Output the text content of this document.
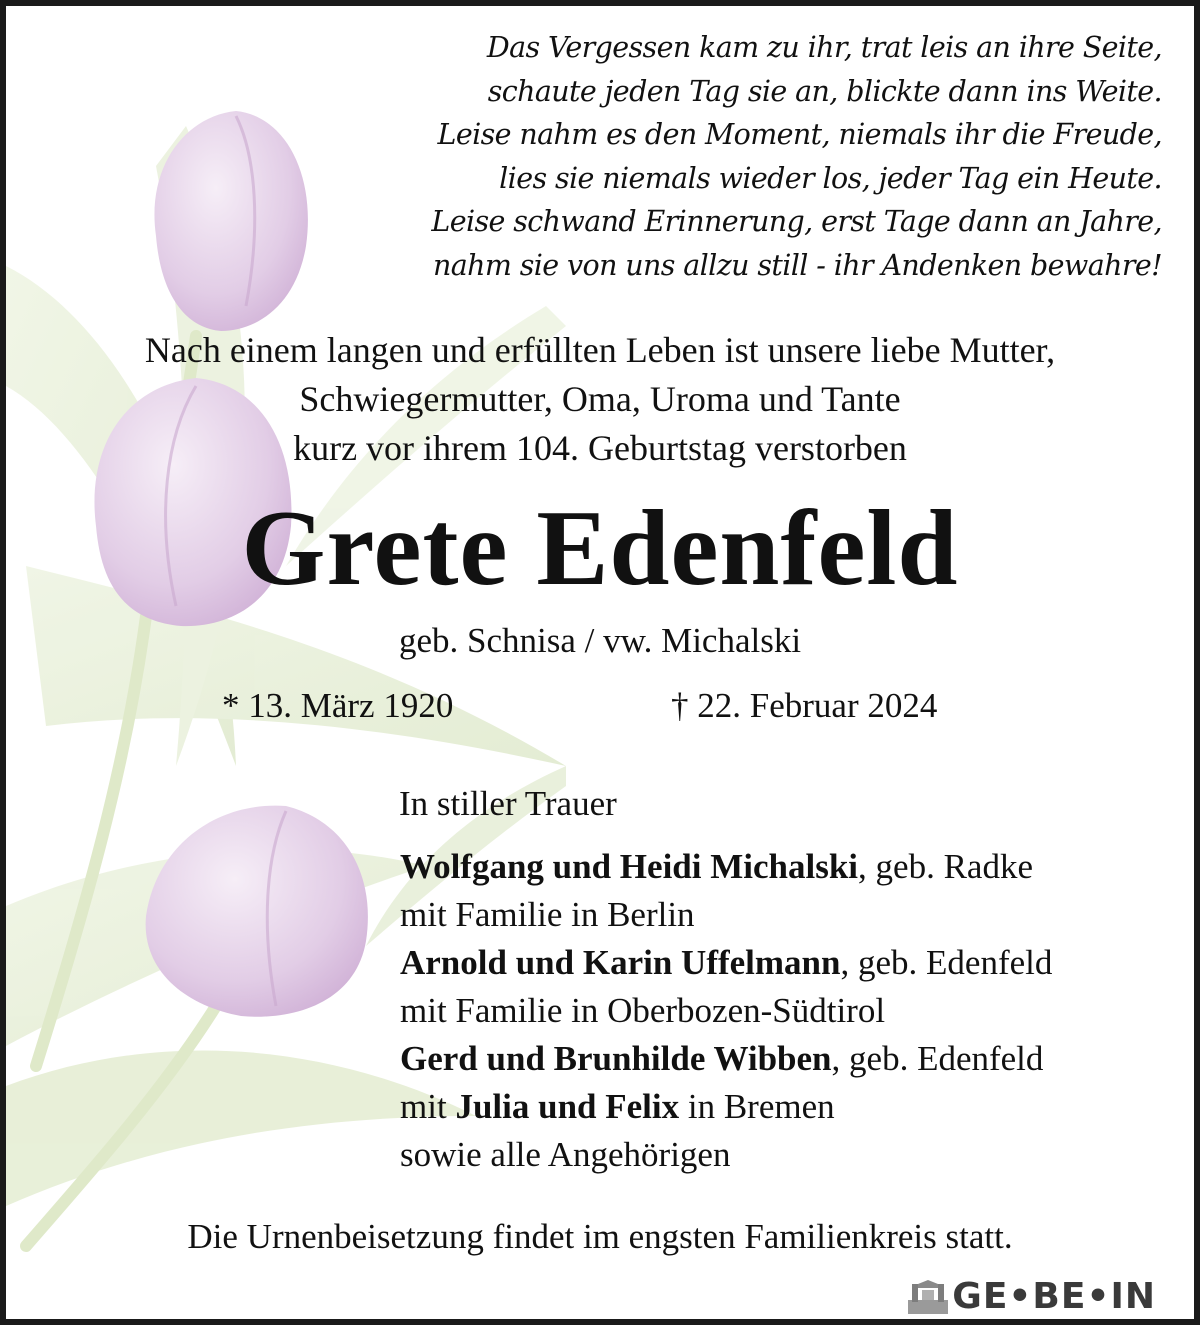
Das Vergessen kam zu ihr, trat leis an ihre Seite,
schaute jeden Tag sie an, blickte dann ins Weite.
Leise nahm es den Moment, niemals ihr die Freude,
lies sie niemals wieder los, jeder Tag ein Heute.
Leise schwand Erinnerung, erst Tage dann an Jahre,
nahm sie von uns allzu still - ihr Andenken bewahre!
Nach einem langen und erfüllten Leben ist unsere liebe Mutter,
Schwiegermutter, Oma, Uroma und Tante
kurz vor ihrem 104. Geburtstag verstorben
Grete Edenfeld
geb. Schnisa / vw. Michalski
* 13. März 1920	† 22. Februar 2024
In stiller Trauer
Wolfgang und Heidi Michalski, geb. Radke
mit Familie in Berlin
Arnold und Karin Uffelmann, geb. Edenfeld
mit Familie in Oberbozen-Südtirol
Gerd und Brunhilde Wibben, geb. Edenfeld
mit Julia und Felix in Bremen
sowie alle Angehörigen
Die Urnenbeisetzung findet im engsten Familienkreis statt.
GE•BE•IN
